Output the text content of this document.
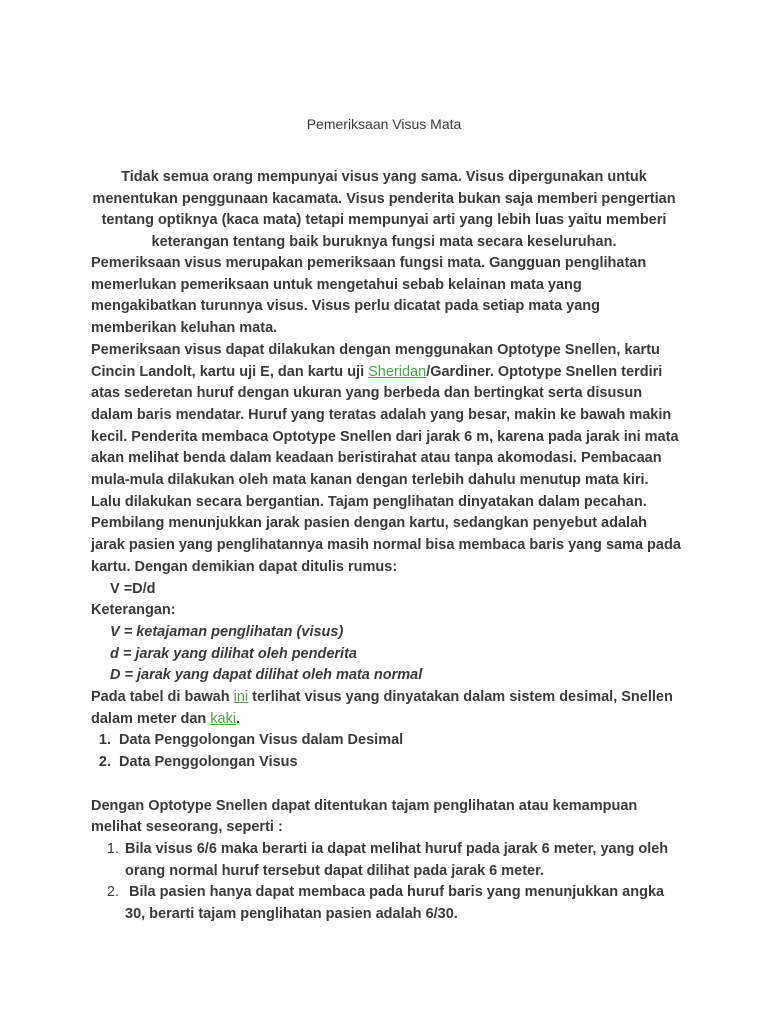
Pemeriksaan Visus Mata
Tidak semua orang mempunyai visus yang sama. Visus dipergunakan untuk
menentukan penggunaan kacamata. Visus penderita bukan saja memberi pengertian
tentang optiknya (kaca mata) tetapi mempunyai arti yang lebih luas yaitu memberi
keterangan tentang baik buruknya fungsi mata secara keseluruhan.
Pemeriksaan visus merupakan pemeriksaan fungsi mata. Gangguan penglihatan
memerlukan pemeriksaan untuk mengetahui sebab kelainan mata yang
mengakibatkan turunnya visus. Visus perlu dicatat pada setiap mata yang
memberikan keluhan mata.
Pemeriksaan visus dapat dilakukan dengan menggunakan Optotype Snellen, kartu
Cincin Landolt, kartu uji E, dan kartu uji Sheridan/Gardiner. Optotype Snellen terdiri
atas sederetan huruf dengan ukuran yang berbeda dan bertingkat serta disusun
dalam baris mendatar. Huruf yang teratas adalah yang besar, makin ke bawah makin
kecil. Penderita membaca Optotype Snellen dari jarak 6 m, karena pada jarak ini mata
akan melihat benda dalam keadaan beristirahat atau tanpa akomodasi. Pembacaan
mula-mula dilakukan oleh mata kanan dengan terlebih dahulu menutup mata kiri.
Lalu dilakukan secara bergantian. Tajam penglihatan dinyatakan dalam pecahan.
Pembilang menunjukkan jarak pasien dengan kartu, sedangkan penyebut adalah
jarak pasien yang penglihatannya masih normal bisa membaca baris yang sama pada
kartu. Dengan demikian dapat ditulis rumus:
V =D/d
Keterangan:
V = ketajaman penglihatan (visus)
d = jarak yang dilihat oleh penderita
D = jarak yang dapat dilihat oleh mata normal
Pada tabel di bawah ini terlihat visus yang dinyatakan dalam sistem desimal, Snellen
dalam meter dan kaki.
1. Data Penggolongan Visus dalam Desimal
2. Data Penggolongan Visus
Dengan Optotype Snellen dapat ditentukan tajam penglihatan atau kemampuan
melihat seseorang, seperti :
1. Bila visus 6/6 maka berarti ia dapat melihat huruf pada jarak 6 meter, yang oleh
orang normal huruf tersebut dapat dilihat pada jarak 6 meter.
2. Bila pasien hanya dapat membaca pada huruf baris yang menunjukkan angka
30, berarti tajam penglihatan pasien adalah 6/30.
